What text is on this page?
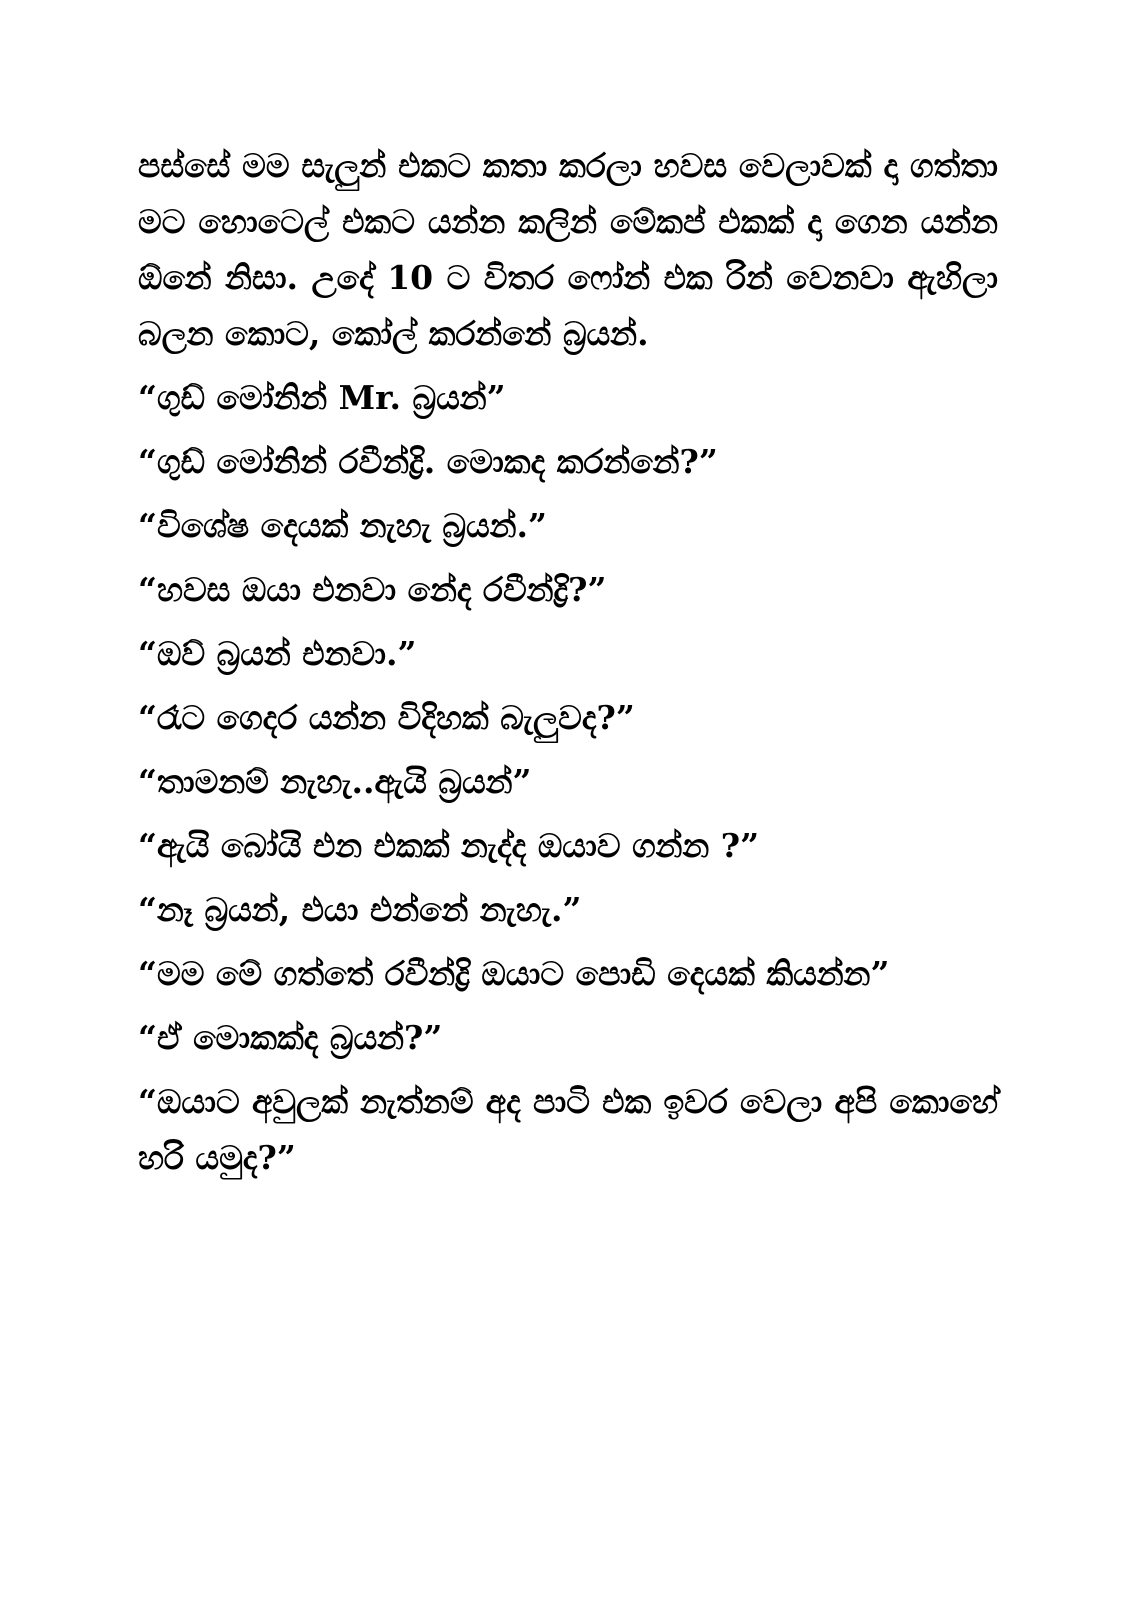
පස්සේ මම සැලුන් එකට කතා කරලා හවස වෙලාවක් දා ගත්තා මට හොටෙල් එකට යන්න කලින් මේකප් එකක් දා ගෙන යන්න ඕනේ නිසා. උදේ 10 ට විතර ෆෝන් එක රින් වෙනවා ඇහිලා බලන කොට, කෝල් කරන්නේ බ්‍රයන්.

“ගුඩ් මෝනින් Mr. බ්‍රයන්”

“ගුඩ් මෝනින් රවීන්ද්‍රි. මොකද කරන්නේ?”

“විශේෂ දෙයක් නැහැ බ්‍රයන්.”

“හවස ඔයා එනවා නේද රවීන්ද්‍රි?”

“ඔව් බ්‍රයන් එනවා.”

“රෑට ගෙදර යන්න විදිහක් බැලුවද?”

“තාමනම් නැහැ..ඇයි බ්‍රයන්”

“ඇයි බෝයි එන එකක් නැද්ද ඔයාව ගන්න ?”

“නෑ බ්‍රයන්, එයා එන්නේ නැහැ.”

“මම මේ ගත්තේ රවීන්ද්‍රි ඔයාට පොඩි දෙයක් කියන්න”

“ඒ මොකක්ද බ්‍රයන්?”

“ඔයාට අවුලක් නැත්නම් අද පාටි එක ඉවර වෙලා අපි කොහේ හරි යමුද?”
